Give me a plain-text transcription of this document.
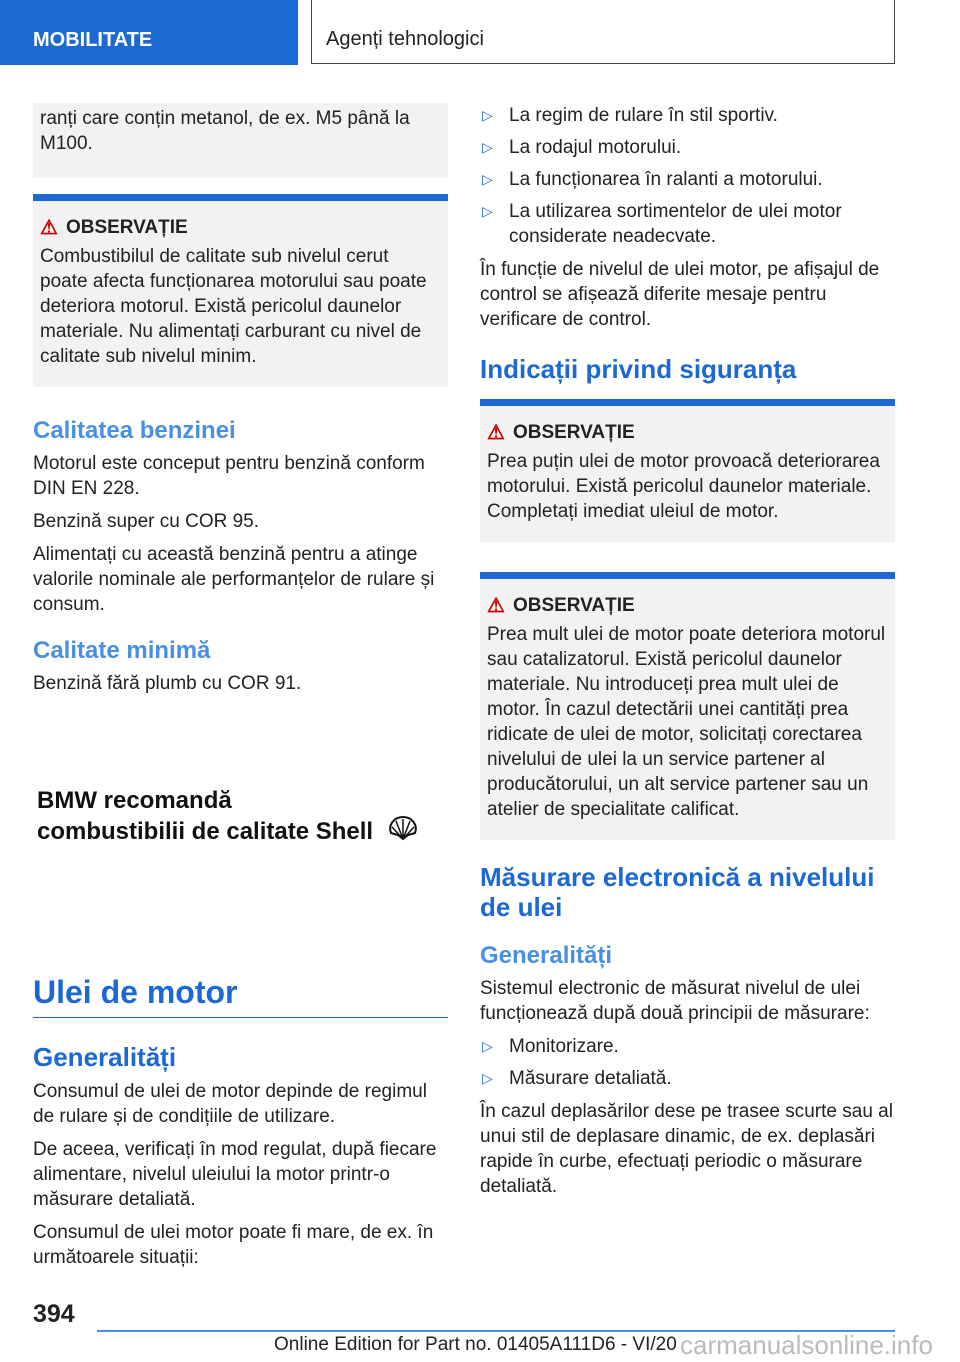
MOBILITATE	Agenți tehnologici

ranți care conțin metanol, de ex. M5 până la M100.

⚠ OBSERVAȚIE

Combustibilul de calitate sub nivelul cerut poate afecta funcționarea motorului sau poate deteriora motorul. Există pericolul daunelor materiale. Nu alimentați carburant cu nivel de calitate sub nivelul minim.

Calitatea benzinei

Motorul este conceput pentru benzină conform DIN EN 228.

Benzină super cu COR 95.

Alimentați cu această benzină pentru a atinge valorile nominale ale performanțelor de rulare și consum.

Calitate minimă

Benzină fără plumb cu COR 91.

BMW recomandă
combustibilii de calitate Shell
Ulei de motor
Generalități

Consumul de ulei de motor depinde de regimul de rulare și de condițiile de utilizare.

De aceea, verificați în mod regulat, după fiecare alimentare, nivelul uleiului la motor printr-o măsurare detaliată.

Consumul de ulei motor poate fi mare, de ex. în următoarele situații:

▷ La regim de rulare în stil sportiv.
▷ La rodajul motorului.
▷ La funcționarea în ralanti a motorului.
▷ La utilizarea sortimentelor de ulei motor considerate neadecvate.

În funcție de nivelul de ulei motor, pe afișajul de control se afișează diferite mesaje pentru verificare de control.

Indicații privind siguranța
⚠ OBSERVAȚIE

Prea puțin ulei de motor provoacă deteriorarea motorului. Există pericolul daunelor materiale. Completați imediat uleiul de motor.

⚠ OBSERVAȚIE

Prea mult ulei de motor poate deteriora motorul sau catalizatorul. Există pericolul daunelor materiale. Nu introduceți prea mult ulei de motor. În cazul detectării unei cantități prea ridicate de ulei de motor, solicitați corectarea nivelului de ulei la un service partener al producătorului, un alt service partener sau un atelier de specialitate calificat.

Măsurare electronică a nivelului de ulei
Generalități

Sistemul electronic de măsurat nivelul de ulei funcționează după două principii de măsurare:

▷ Monitorizare.
▷ Măsurare detaliată.

În cazul deplasărilor dese pe trasee scurte sau al unui stil de deplasare dinamic, de ex. deplasări rapide în curbe, efectuați periodic o măsurare detaliată.

394
Online Edition for Part no. 01405A111D6 - VI/20 carmanualsonline.info
